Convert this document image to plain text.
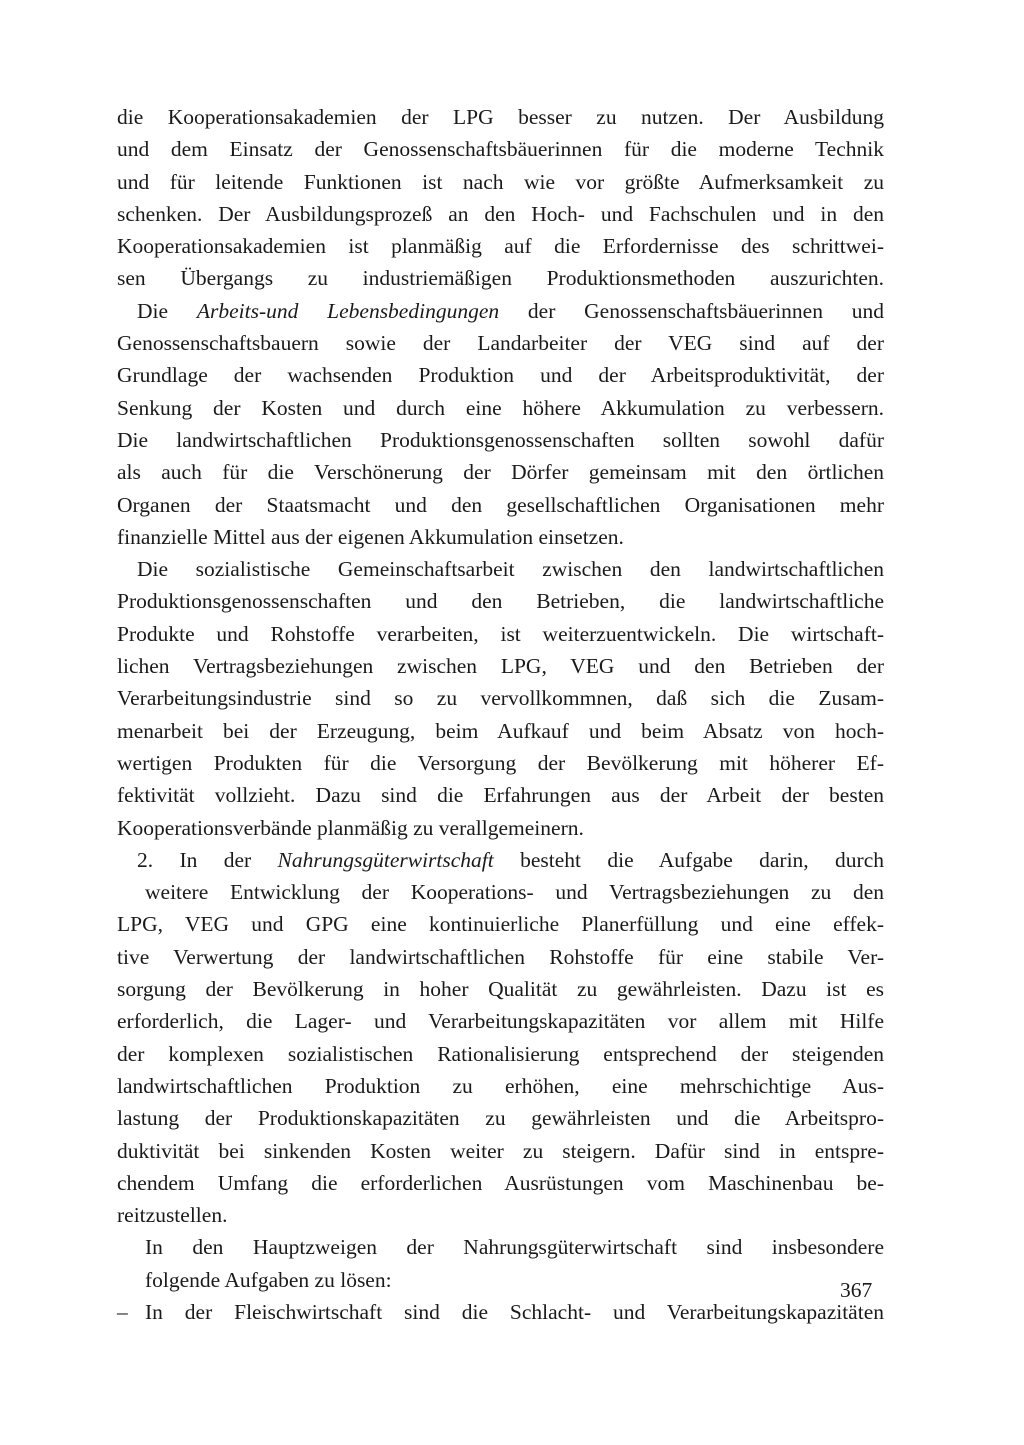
die Kooperationsakademien der LPG besser zu nutzen. Der Ausbildung
und dem Einsatz der Genossenschaftsbäuerinnen für die moderne Technik
und für leitende Funktionen ist nach wie vor größte Aufmerksamkeit zu
schenken. Der Ausbildungsprozeß an den Hoch- und Fachschulen und in den
Kooperationsakademien ist planmäßig auf die Erfordernisse des schrittwei-
sen Übergangs zu industriemäßigen Produktionsmethoden auszurichten.
Die Arbeits-und Lebensbedingungen der Genossenschaftsbäuerinnen und
Genossenschaftsbauern sowie der Landarbeiter der VEG sind auf der
Grundlage der wachsenden Produktion und der Arbeitsproduktivität, der
Senkung der Kosten und durch eine höhere Akkumulation zu verbessern.
Die landwirtschaftlichen Produktionsgenossenschaften sollten sowohl dafür
als auch für die Verschönerung der Dörfer gemeinsam mit den örtlichen
Organen der Staatsmacht und den gesellschaftlichen Organisationen mehr
finanzielle Mittel aus der eigenen Akkumulation einsetzen.
Die sozialistische Gemeinschaftsarbeit zwischen den landwirtschaftlichen
Produktionsgenossenschaften und den Betrieben, die landwirtschaftliche
Produkte und Rohstoffe verarbeiten, ist weiterzuentwickeln. Die wirtschaft-
lichen Vertragsbeziehungen zwischen LPG, VEG und den Betrieben der
Verarbeitungsindustrie sind so zu vervollkommnen, daß sich die Zusam-
menarbeit bei der Erzeugung, beim Aufkauf und beim Absatz von hoch-
wertigen Produkten für die Versorgung der Bevölkerung mit höherer Ef-
fektivität vollzieht. Dazu sind die Erfahrungen aus der Arbeit der besten
Kooperationsverbände planmäßig zu verallgemeinern.
2. In der Nahrungsgüterwirtschaft besteht die Aufgabe darin, durch
weitere Entwicklung der Kooperations- und Vertragsbeziehungen zu den
LPG, VEG und GPG eine kontinuierliche Planerfüllung und eine effek-
tive Verwertung der landwirtschaftlichen Rohstoffe für eine stabile Ver-
sorgung der Bevölkerung in hoher Qualität zu gewährleisten. Dazu ist es
erforderlich, die Lager- und Verarbeitungskapazitäten vor allem mit Hilfe
der komplexen sozialistischen Rationalisierung entsprechend der steigenden
landwirtschaftlichen Produktion zu erhöhen, eine mehrschichtige Aus-
lastung der Produktionskapazitäten zu gewährleisten und die Arbeitspro-
duktivität bei sinkenden Kosten weiter zu steigern. Dafür sind in entspre-
chendem Umfang die erforderlichen Ausrüstungen vom Maschinenbau be-
reitzustellen.
In den Hauptzweigen der Nahrungsgüterwirtschaft sind insbesondere
folgende Aufgaben zu lösen:
– In der Fleischwirtschaft sind die Schlacht- und Verarbeitungskapazitäten
367
